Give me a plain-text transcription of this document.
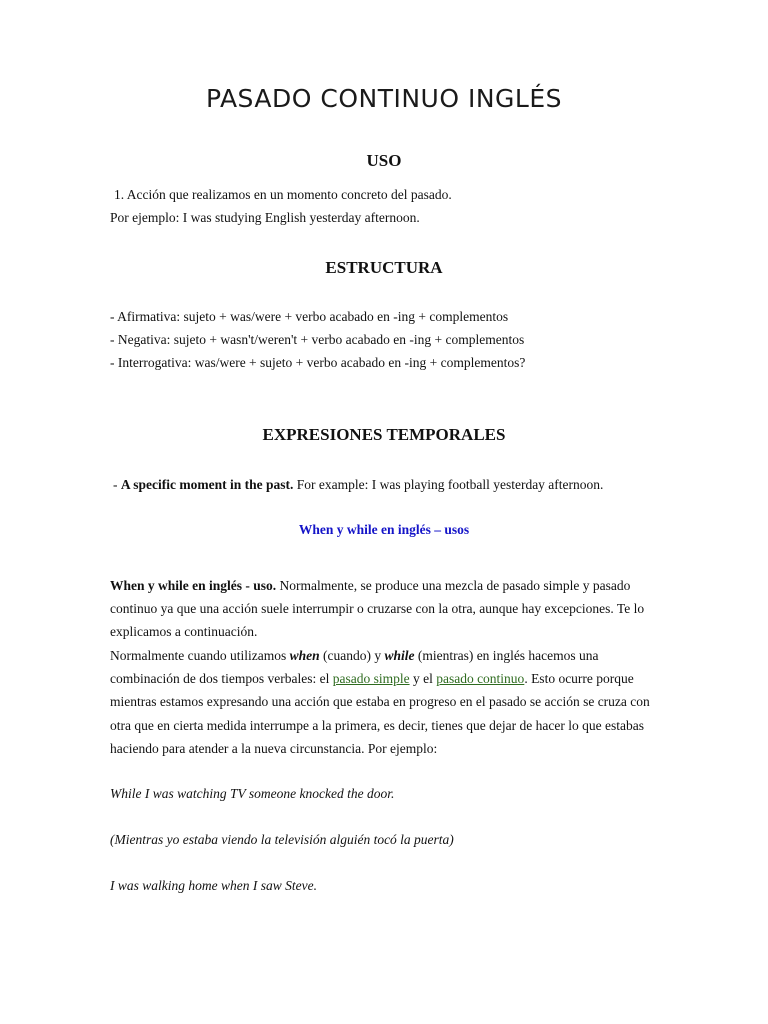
PASADO CONTINUO INGLÉS
USO
1. Acción que realizamos en un momento concreto del pasado.
Por ejemplo: I was studying English yesterday afternoon.
ESTRUCTURA
- Afirmativa: sujeto + was/were + verbo acabado en -ing + complementos
- Negativa: sujeto + wasn't/weren't + verbo acabado en -ing + complementos
- Interrogativa: was/were + sujeto + verbo acabado en -ing + complementos?
EXPRESIONES TEMPORALES
- A specific moment in the past. For example: I was playing football yesterday afternoon.
When y while en inglés – usos
When y while en inglés - uso. Normalmente, se produce una mezcla de pasado simple y pasado continuo ya que una acción suele interrumpir o cruzarse con la otra, aunque hay excepciones. Te lo explicamos a continuación.
Normalmente cuando utilizamos when (cuando) y while (mientras) en inglés hacemos una combinación de dos tiempos verbales: el pasado simple y el pasado continuo. Esto ocurre porque mientras estamos expresando una acción que estaba en progreso en el pasado se acción se cruza con otra que en cierta medida interrumpe a la primera, es decir, tienes que dejar de hacer lo que estabas haciendo para atender a la nueva circunstancia. Por ejemplo:
While I was watching TV someone knocked the door.
(Mientras yo estaba viendo la televisión alguién tocó la puerta)
I was walking home when I saw Steve.
